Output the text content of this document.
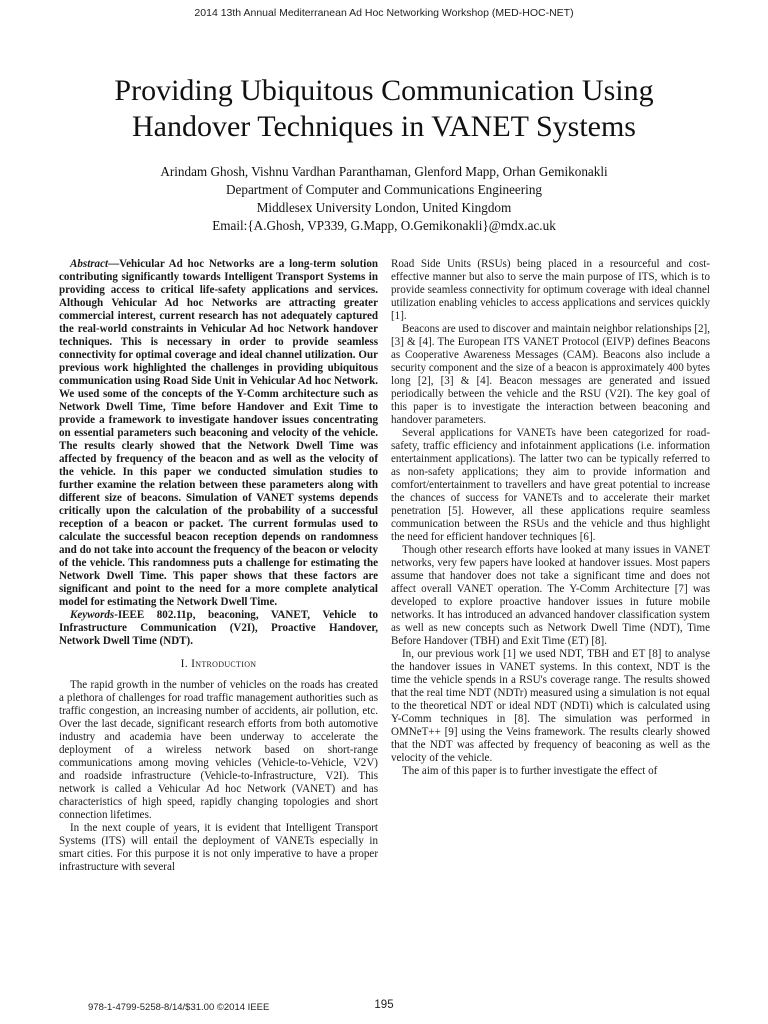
2014 13th Annual Mediterranean Ad Hoc Networking Workshop (MED-HOC-NET)
Providing Ubiquitous Communication Using
Handover Techniques in VANET Systems
Arindam Ghosh, Vishnu Vardhan Paranthaman, Glenford Mapp, Orhan Gemikonakli
Department of Computer and Communications Engineering
Middlesex University London, United Kingdom
Email:{A.Ghosh, VP339, G.Mapp, O.Gemikonakli}@mdx.ac.uk

Abstract—Vehicular Ad hoc Networks are a long-term solution contributing significantly towards Intelligent Transport Systems in providing access to critical life-safety applications and services. Although Vehicular Ad hoc Networks are attracting greater commercial interest, current research has not adequately captured the real-world constraints in Vehicular Ad hoc Network handover techniques. This is necessary in order to provide seamless connectivity for optimal coverage and ideal channel utilization. Our previous work highlighted the challenges in providing ubiquitous communication using Road Side Unit in Vehicular Ad hoc Network. We used some of the concepts of the Y-Comm architecture such as Network Dwell Time, Time before Handover and Exit Time to provide a framework to investigate handover issues concentrating on essential parameters such beaconing and velocity of the vehicle. The results clearly showed that the Network Dwell Time was affected by frequency of the beacon and as well as the velocity of the vehicle. In this paper we conducted simulation studies to further examine the relation between these parameters along with different size of beacons. Simulation of VANET systems depends critically upon the calculation of the probability of a successful reception of a beacon or packet. The current formulas used to calculate the successful beacon reception depends on randomness and do not take into account the frequency of the beacon or velocity of the vehicle. This randomness puts a challenge for estimating the Network Dwell Time. This paper shows that these factors are significant and point to the need for a more complete analytical model for estimating the Network Dwell Time.

Keywords-IEEE 802.11p, beaconing, VANET, Vehicle to Infrastructure Communication (V2I), Proactive Handover, Network Dwell Time (NDT).

I. Introduction

The rapid growth in the number of vehicles on the roads has created a plethora of challenges for road traffic management authorities such as traffic congestion, an increasing number of accidents, air pollution, etc. Over the last decade, significant research efforts from both automotive industry and academia have been underway to accelerate the deployment of a wireless network based on short-range communications among moving vehicles (Vehicle-to-Vehicle, V2V) and roadside infrastructure (Vehicle-to-Infrastructure, V2I). This network is called a Vehicular Ad hoc Network (VANET) and has characteristics of high speed, rapidly changing topologies and short connection lifetimes.

In the next couple of years, it is evident that Intelligent Transport Systems (ITS) will entail the deployment of VANETs especially in smart cities. For this purpose it is not only imperative to have a proper infrastructure with several

Road Side Units (RSUs) being placed in a resourceful and cost-effective manner but also to serve the main purpose of ITS, which is to provide seamless connectivity for optimum coverage with ideal channel utilization enabling vehicles to access applications and services quickly [1].

Beacons are used to discover and maintain neighbor relationships [2], [3] & [4]. The European ITS VANET Protocol (EIVP) defines Beacons as Cooperative Awareness Messages (CAM). Beacons also include a security component and the size of a beacon is approximately 400 bytes long [2], [3] & [4]. Beacon messages are generated and issued periodically between the vehicle and the RSU (V2I). The key goal of this paper is to investigate the interaction between beaconing and handover parameters.

Several applications for VANETs have been categorized for road-safety, traffic efficiency and infotainment applications (i.e. information entertainment applications). The latter two can be typically referred to as non-safety applications; they aim to provide information and comfort/entertainment to travellers and have great potential to increase the chances of success for VANETs and to accelerate their market penetration [5]. However, all these applications require seamless communication between the RSUs and the vehicle and thus highlight the need for efficient handover techniques [6].

Though other research efforts have looked at many issues in VANET networks, very few papers have looked at handover issues. Most papers assume that handover does not take a significant time and does not affect overall VANET operation. The Y-Comm Architecture [7] was developed to explore proactive handover issues in future mobile networks. It has introduced an advanced handover classification system as well as new concepts such as Network Dwell Time (NDT), Time Before Handover (TBH) and Exit Time (ET) [8].

In, our previous work [1] we used NDT, TBH and ET [8] to analyse the handover issues in VANET systems. In this context, NDT is the time the vehicle spends in a RSU's coverage range. The results showed that the real time NDT (NDTr) measured using a simulation is not equal to the theoretical NDT or ideal NDT (NDTi) which is calculated using Y-Comm techniques in [8]. The simulation was performed in OMNeT++ [9] using the Veins framework. The results clearly showed that the NDT was affected by frequency of beaconing as well as the velocity of the vehicle.

The aim of this paper is to further investigate the effect of

978-1-4799-5258-8/14/$31.00 ©2014 IEEE	195
